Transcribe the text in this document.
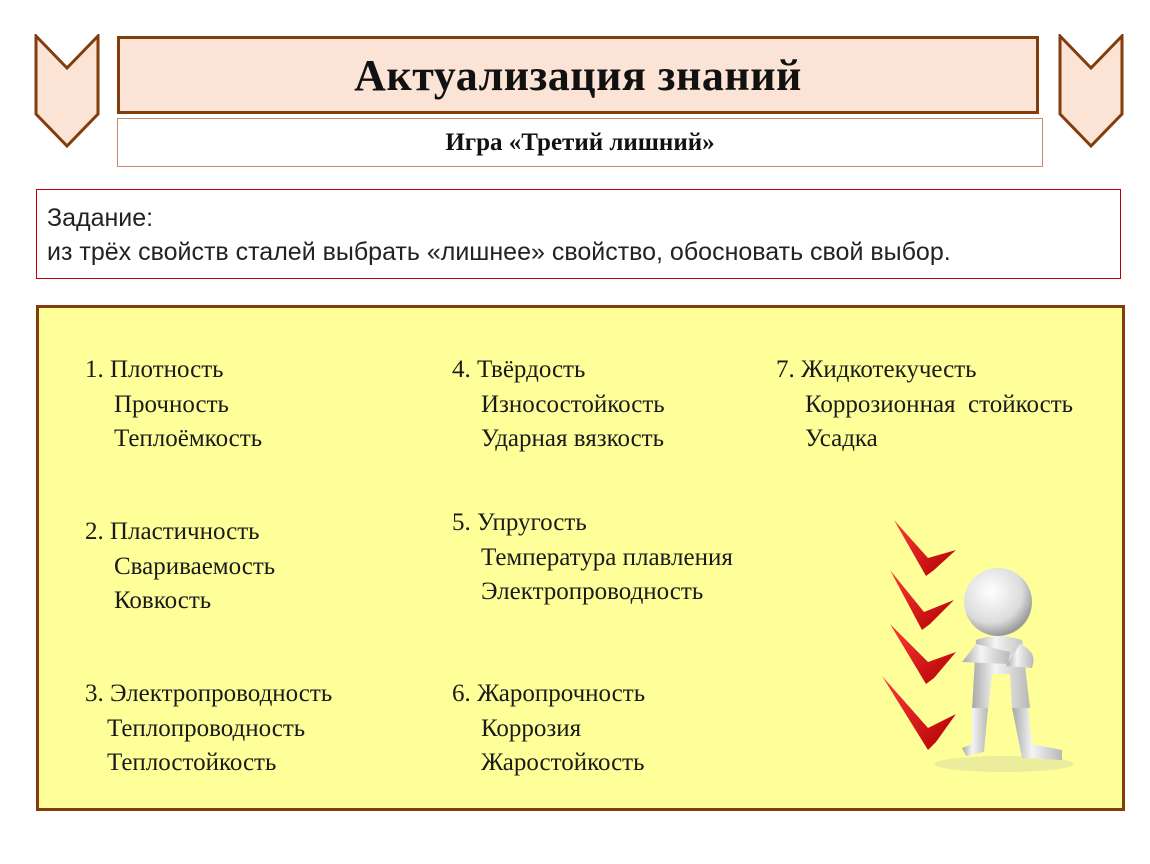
Актуализация знаний
Игра «Третий лишний»
Задание:
из трёх свойств сталей выбрать «лишнее» свойство, обосновать свой выбор.
1. Плотность
Прочность
Теплоёмкость
2. Пластичность
Свариваемость
Ковкость
3. Электропроводность
Теплопроводность
Теплостойкость
4. Твёрдость
Износостойкость
Ударная вязкость
5. Упругость
Температура плавления
Электропроводность
6. Жаропрочность
Коррозия
Жаростойкость
7. Жидкотекучесть
Коррозионная  стойкость
Усадка
